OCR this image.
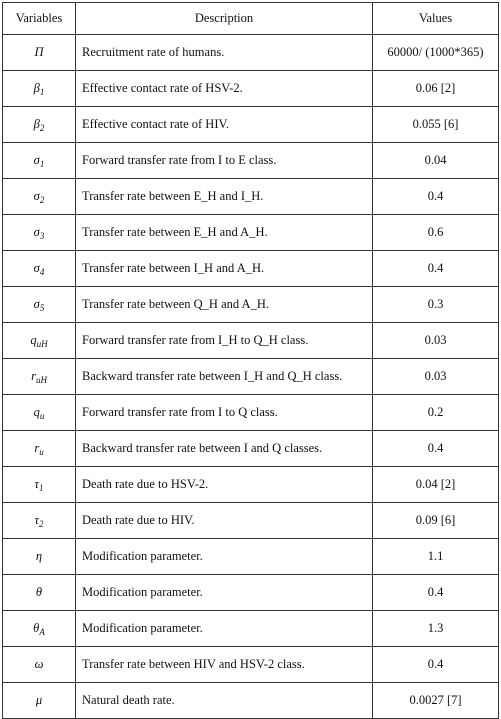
Variables	Description	Values
Π	Recruitment rate of humans.	60000/ (1000*365)
$\beta_1$	Effective contact rate of HSV-2.	0.06 [2]
$\beta_2$	Effective contact rate of HIV.	0.055 [6]
$\sigma_1$	Forward transfer rate from I to E class.	0.04
$\sigma_2$	Transfer rate between E_H and I_H.	0.4
$\sigma_3$	Transfer rate between E_H and A_H.	0.6
$\sigma_4$	Transfer rate between I_H and A_H.	0.4
$\sigma_5$	Transfer rate between Q_H and A_H.	0.3
$q_{uH}$	Forward transfer rate from I_H to Q_H class.	0.03
$r_{uH}$	Backward transfer rate between I_H and Q_H class.	0.03
$q_u$	Forward transfer rate from I to Q class.	0.2
$r_u$	Backward transfer rate between I and Q classes.	0.4
$\tau_1$	Death rate due to HSV-2.	0.04 [2]
$\tau_2$	Death rate due to HIV.	0.09 [6]
η	Modification parameter.	1.1
θ	Modification parameter.	0.4
$\theta_A$	Modification parameter.	1.3
ω	Transfer rate between HIV and HSV-2 class.	0.4
μ	Natural death rate.	0.0027 [7]
